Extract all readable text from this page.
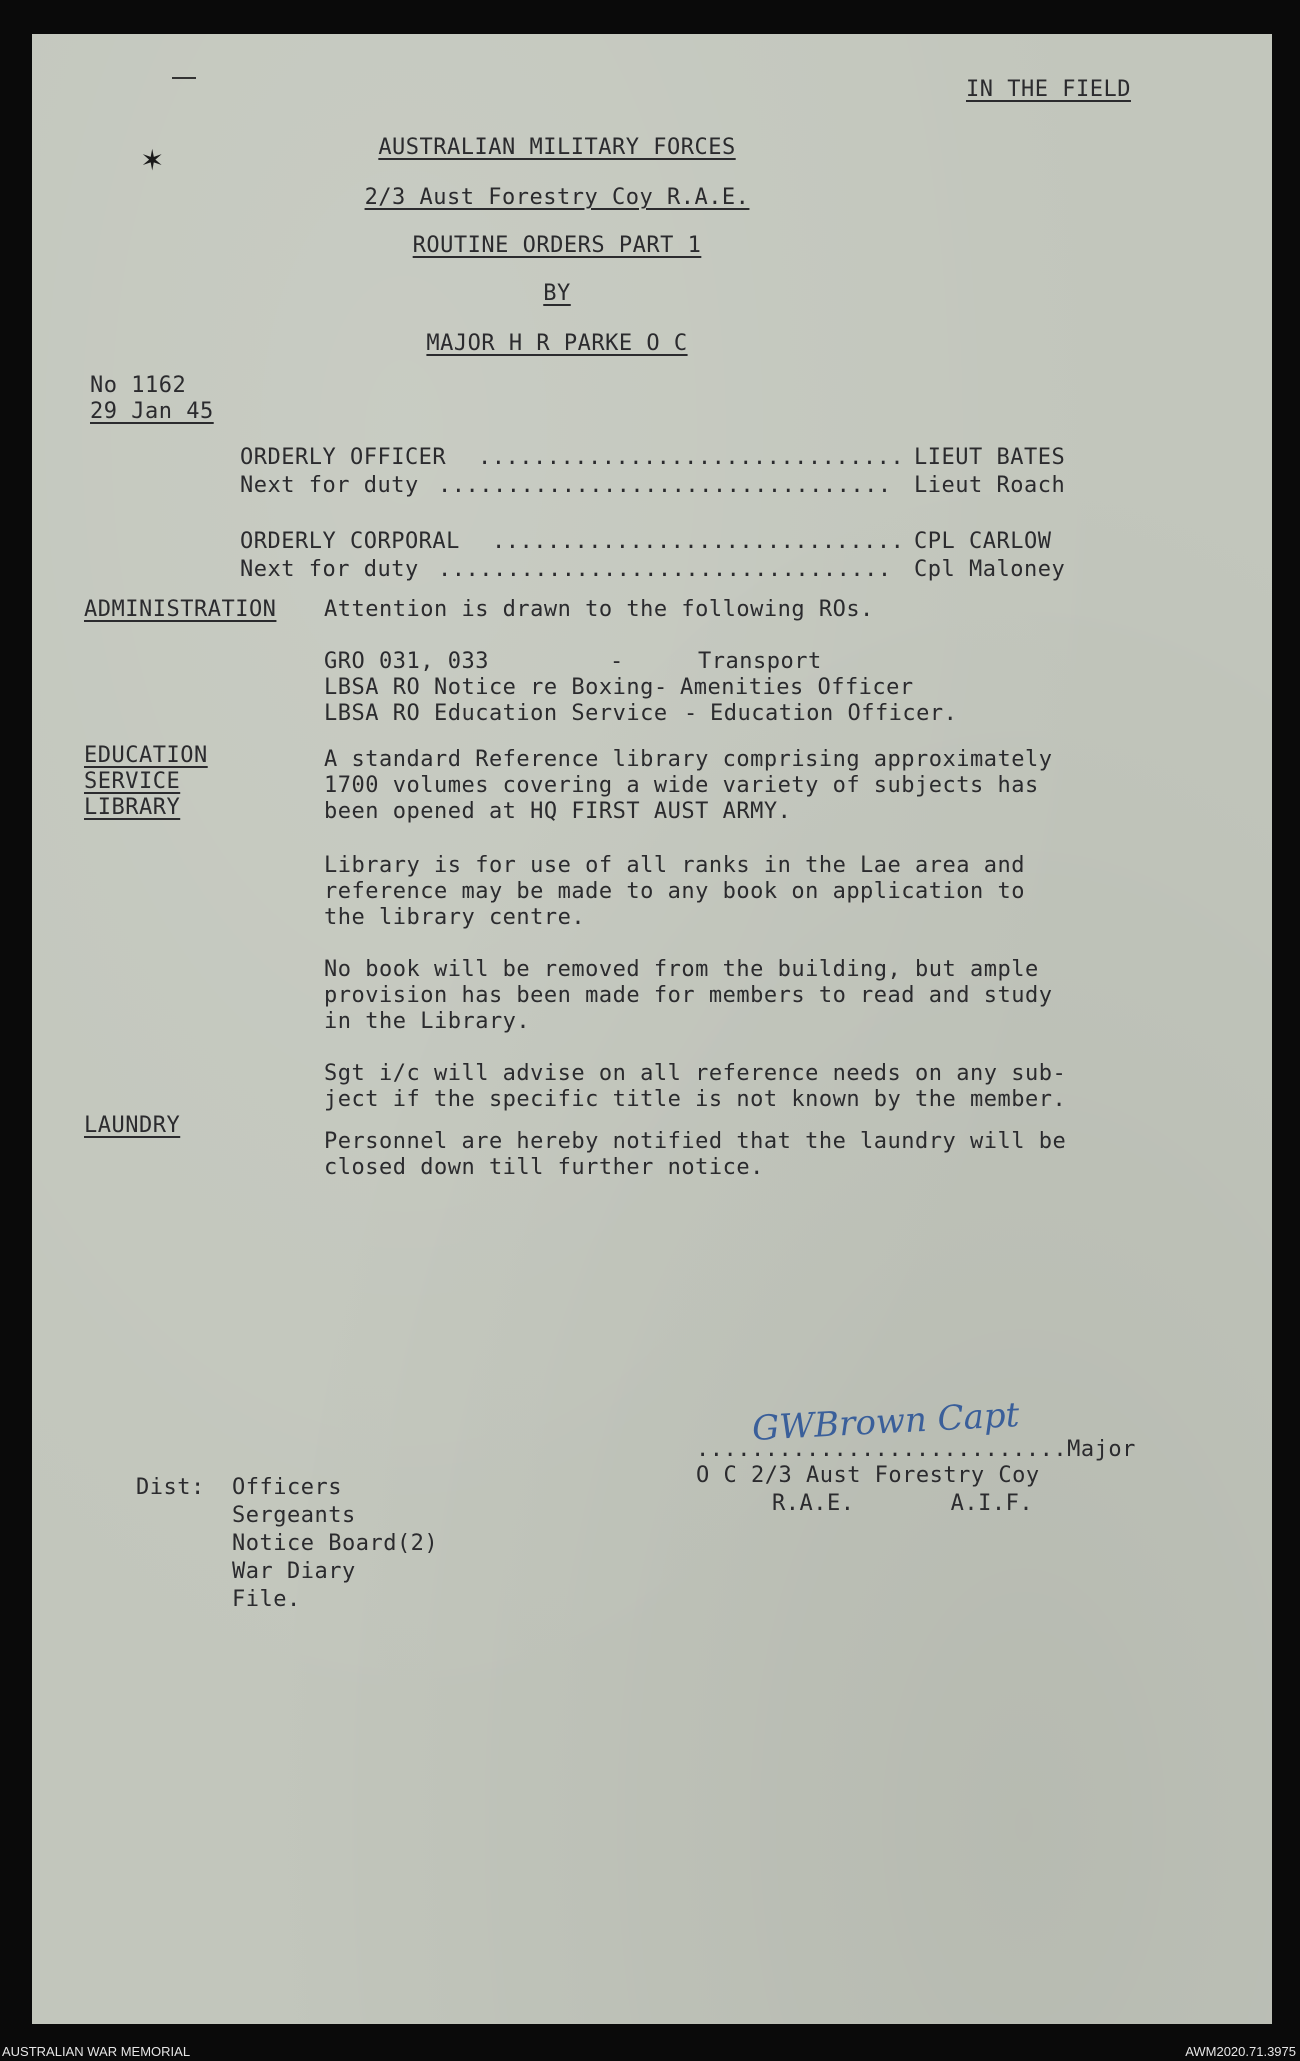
✶
IN THE FIELD
AUSTRALIAN MILITARY FORCES
2/3 Aust Forestry Coy R.A.E.
ROUTINE ORDERS PART 1
BY
MAJOR H R PARKE O C
No 1162
29 Jan 45
ORDERLY OFFICER ............................... LIEUT BATES
Next for duty ................................. Lieut Roach
ORDERLY CORPORAL .............................. CPL CARLOW
Next for duty ................................. Cpl Maloney
ADMINISTRATION Attention is drawn to the following ROs.
GRO 031, 033	-	Transport
LBSA RO Notice re Boxing - Amenities Officer
LBSA RO Education Service - Education Officer.
EDUCATION
SERVICE
LIBRARY
A standard Reference library comprising approximately
1700 volumes covering a wide variety of subjects has
been opened at HQ FIRST AUST ARMY.
Library is for use of all ranks in the Lae area and
reference may be made to any book on application to
the library centre.
No book will be removed from the building, but ample
provision has been made for members to read and study
in the Library.
Sgt i/c will advise on all reference needs on any sub-
ject if the specific title is not known by the member.
LAUNDRY
Personnel are hereby notified that the laundry will be
closed down till further notice.
GWBrown Capt
...........................Major
O C 2/3 Aust Forestry Coy
R.A.E.       A.I.F.
Dist: Officers
Sergeants
Notice Board(2)
War Diary
File.
AUSTRALIAN WAR MEMORIAL	AWM2020.71.3975
